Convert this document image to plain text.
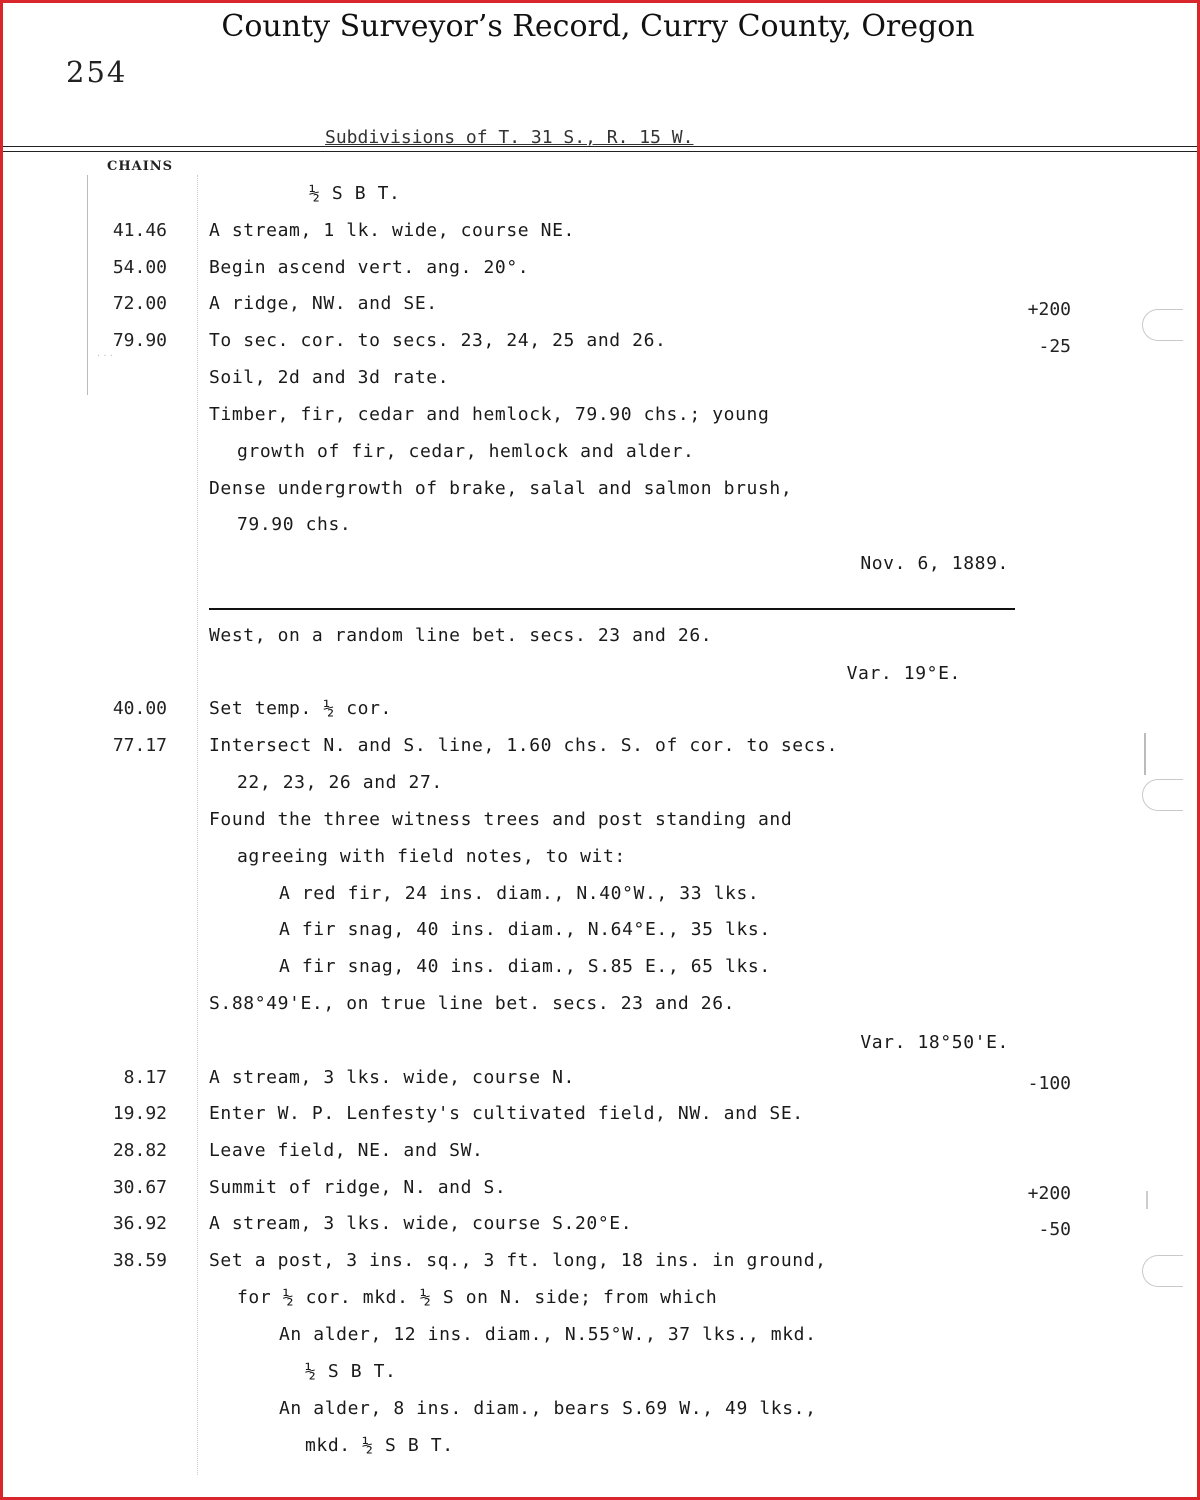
County Surveyor’s Record, Curry County, Oregon
254
Subdivisions of T. 31 S., R. 15 W.
CHAINS
· · ·
½ S B T.
41.46 A stream, 1 lk. wide, course NE.
54.00 Begin ascend vert. ang. 20°.
72.00 A ridge, NW. and SE.	+200
79.90 To sec. cor. to secs. 23, 24, 25 and 26.	-25
Soil, 2d and 3d rate.
Timber, fir, cedar and hemlock, 79.90 chs.; young
growth of fir, cedar, hemlock and alder.
Dense undergrowth of brake, salal and salmon brush,
79.90 chs.
Nov. 6, 1889.
West, on a random line bet. secs. 23 and 26.
Var. 19°E.
40.00 Set temp. ½ cor.
77.17 Intersect N. and S. line, 1.60 chs. S. of cor. to secs.
22, 23, 26 and 27.
Found the three witness trees and post standing and
agreeing with field notes, to wit:
A red fir, 24 ins. diam., N.40°W., 33 lks.
A fir snag, 40 ins. diam., N.64°E., 35 lks.
A fir snag, 40 ins. diam., S.85 E., 65 lks.
S.88°49'E., on true line bet. secs. 23 and 26.
Var. 18°50'E.
8.17 A stream, 3 lks. wide, course N.	-100
19.92 Enter W. P. Lenfesty's cultivated field, NW. and SE.
28.82 Leave field, NE. and SW.
30.67 Summit of ridge, N. and S.	+200
36.92 A stream, 3 lks. wide, course S.20°E.	-50
38.59 Set a post, 3 ins. sq., 3 ft. long, 18 ins. in ground,
for ½ cor. mkd. ½ S on N. side; from which
An alder, 12 ins. diam., N.55°W., 37 lks., mkd.
½ S B T.
An alder, 8 ins. diam., bears S.69 W., 49 lks.,
mkd. ½ S B T.
